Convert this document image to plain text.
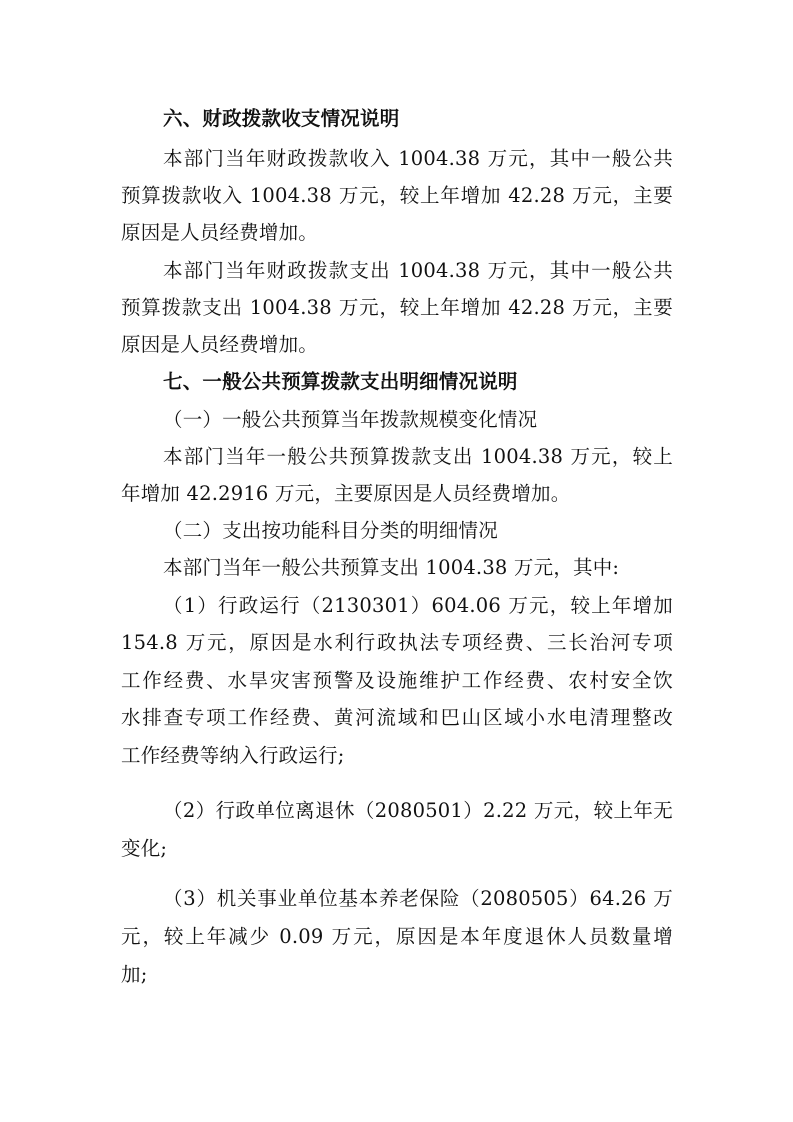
六、财政拨款收支情况说明
本部门当年财政拨款收入 1004.38 万元，其中一般公共
预算拨款收入 1004.38 万元，较上年增加 42.28 万元，主要
原因是人员经费增加。
本部门当年财政拨款支出 1004.38 万元，其中一般公共
预算拨款支出 1004.38 万元，较上年增加 42.28 万元，主要
原因是人员经费增加。
七、一般公共预算拨款支出明细情况说明
（一）一般公共预算当年拨款规模变化情况
本部门当年一般公共预算拨款支出 1004.38 万元，较上
年增加 42.2916 万元，主要原因是人员经费增加。
（二）支出按功能科目分类的明细情况
本部门当年一般公共预算支出 1004.38 万元，其中:
（1）行政运行（2130301）604.06 万元，较上年增加
154.8 万元，原因是水利行政执法专项经费、三长治河专项
工作经费、水旱灾害预警及设施维护工作经费、农村安全饮
水排查专项工作经费、黄河流域和巴山区域小水电清理整改
工作经费等纳入行政运行;
（2）行政单位离退休（2080501）2.22 万元，较上年无
变化;
（3）机关事业单位基本养老保险（2080505）64.26 万
元，较上年减少 0.09 万元，原因是本年度退休人员数量增
加;
